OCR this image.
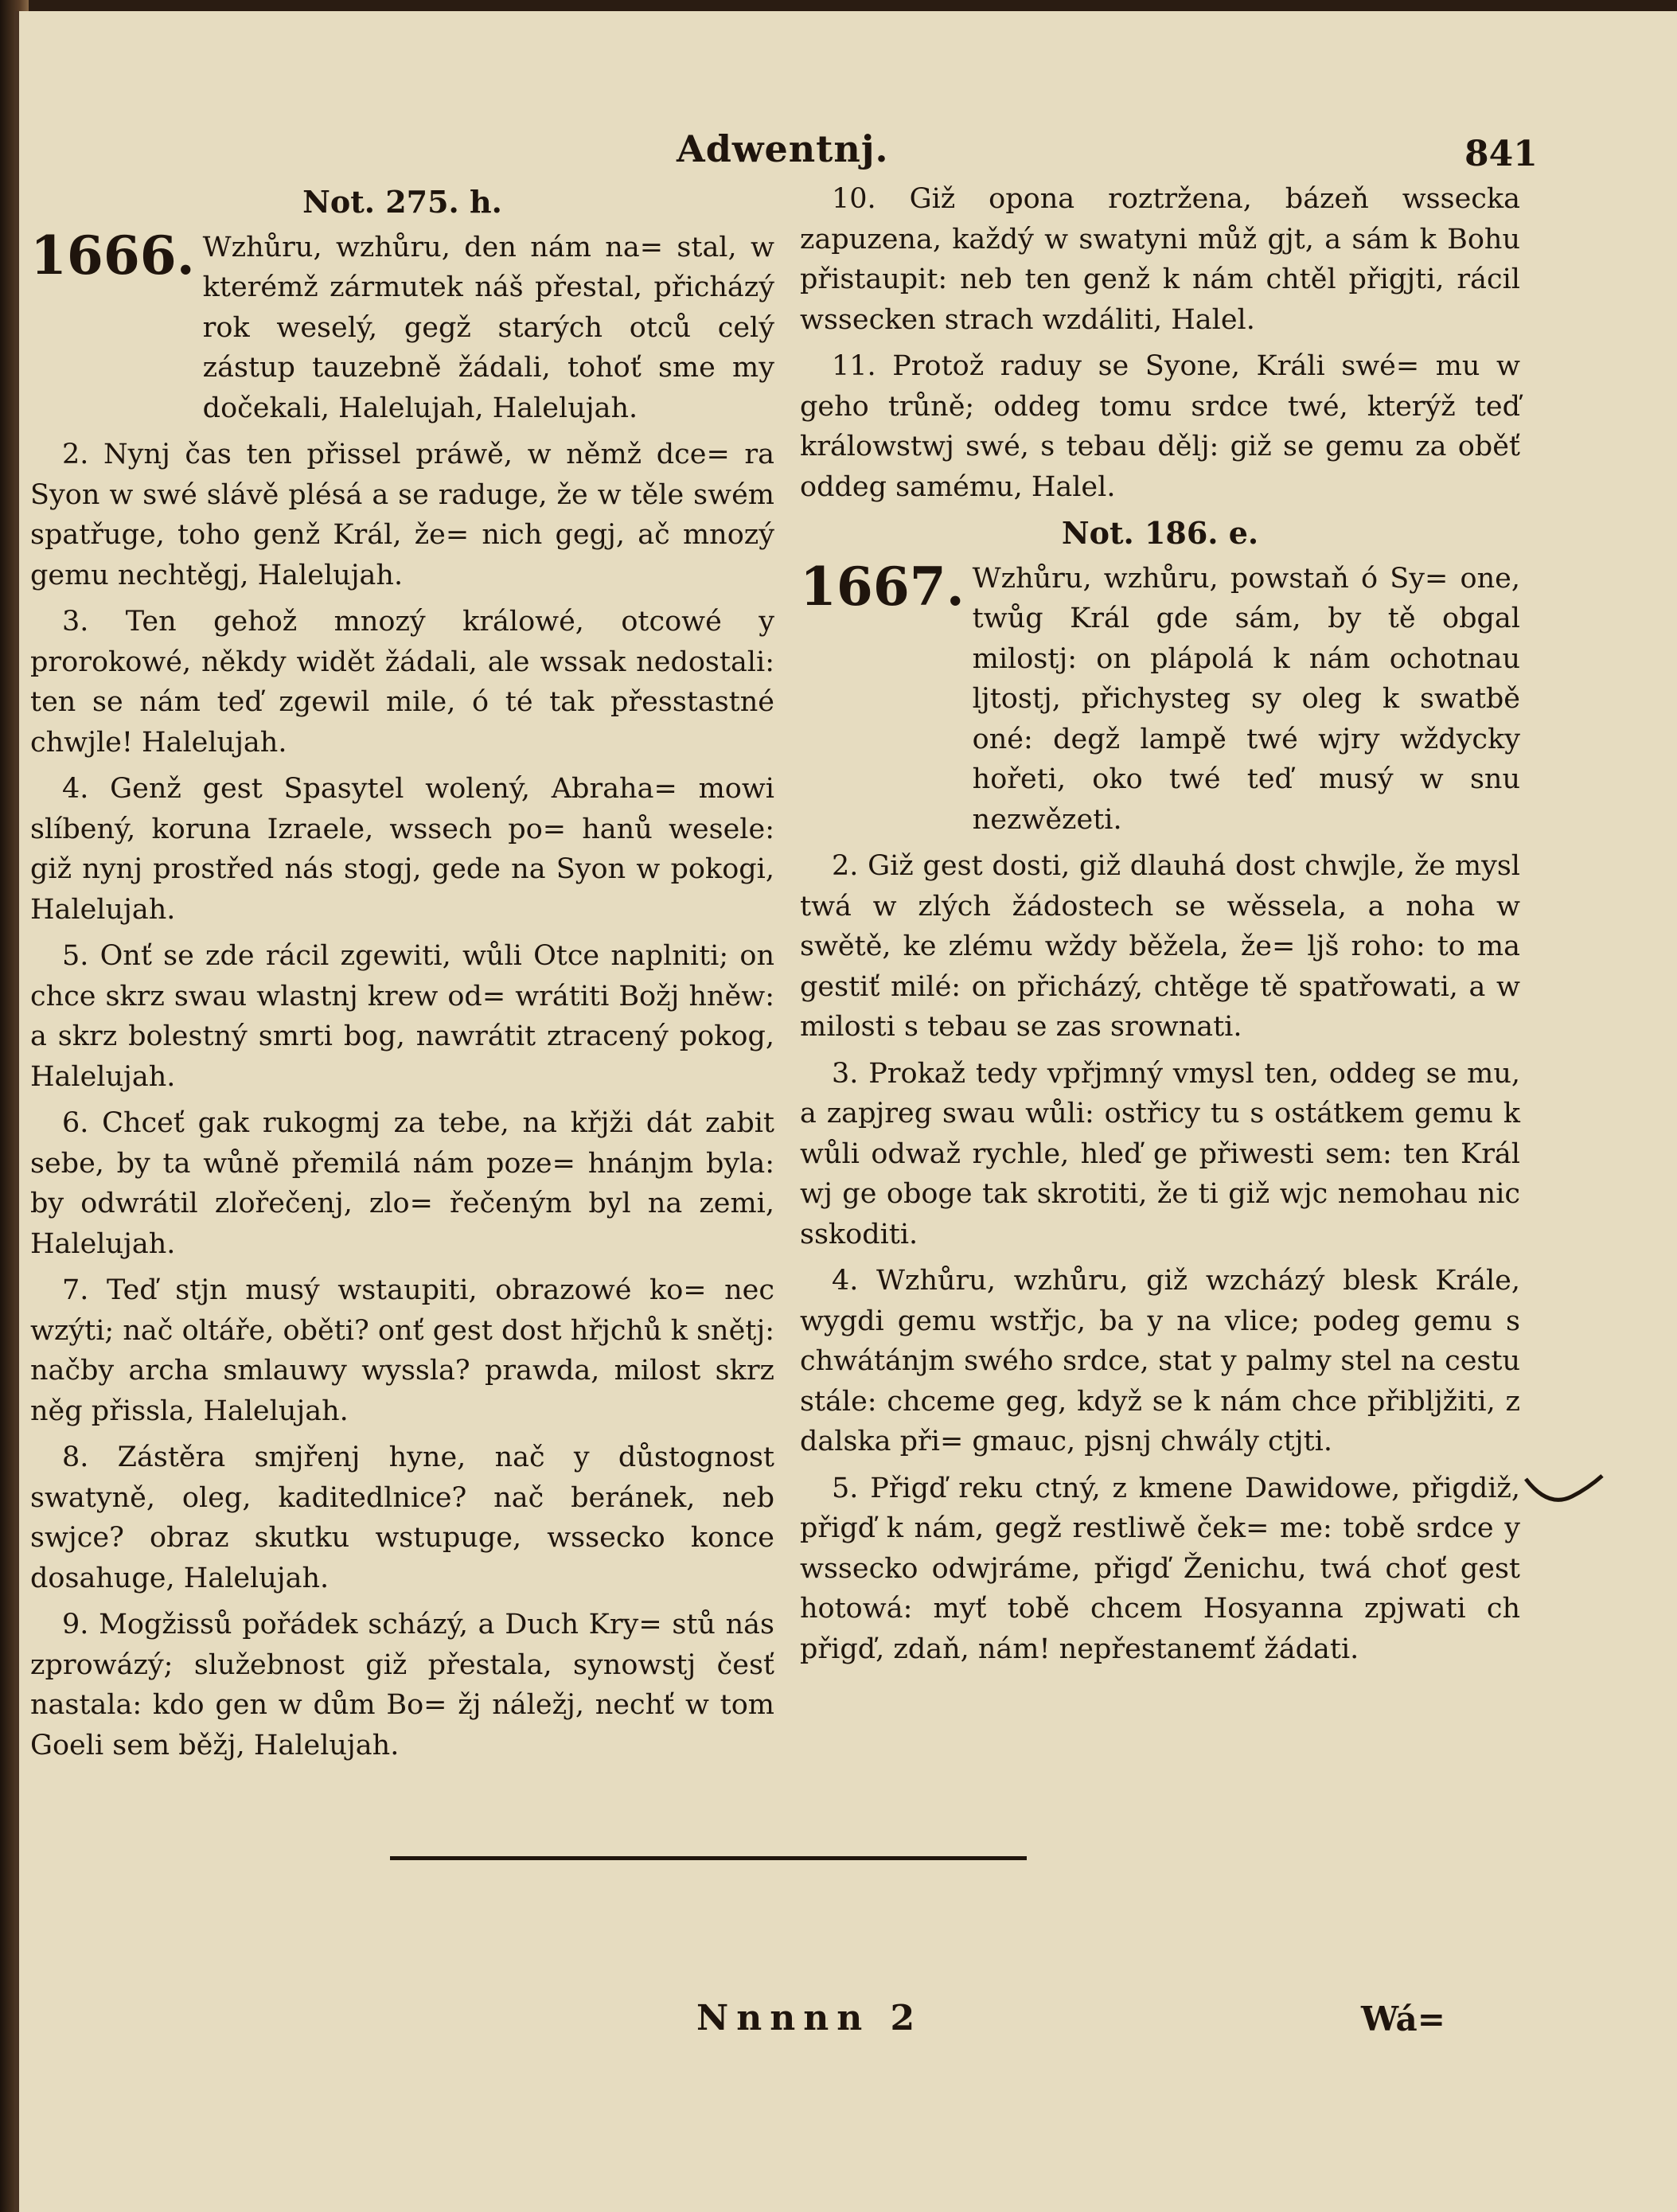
Adwentnj.	841
Not. 275. h.
1666. Wzhůru, wzhůru, den nám na= stal, w kterémž zármutek náš přestal, přicházý rok weselý, gegž starých otců celý zástup tauzebně žádali, tohoť sme my dočekali, Halelujah, Halelujah.

2. Nynj čas ten přissel práwě, w němž dce= ra Syon w swé slávě plésá a se raduge, že w těle swém spatřuge, toho genž Král, že= nich gegj, ač mnozý gemu nechtěgj, Halelujah.

3. Ten gehož mnozý králowé, otcowé y prorokowé, někdy widět žádali, ale wssak nedostali: ten se nám teď zgewil mile, ó té tak přesstastné chwjle! Halelujah.

4. Genž gest Spasytel wolený, Abraha= mowi slíbený, koruna Izraele, wssech po= hanů wesele: giž nynj prostřed nás stogj, gede na Syon w pokogi, Halelujah.

5. Onť se zde rácil zgewiti, wůli Otce naplniti; on chce skrz swau wlastnj krew od= wrátiti Božj hněw: a skrz bolestný smrti bog, nawrátit ztracený pokog, Halelujah.

6. Chceť gak rukogmj za tebe, na křjži dát zabit sebe, by ta wůně přemilá nám poze= hnánjm byla: by odwrátil zlořečenj, zlo= řečeným byl na zemi, Halelujah.

7. Teď stjn musý wstaupiti, obrazowé ko= nec wzýti; nač oltáře, oběti? onť gest dost hřjchů k snětj: načby archa smlauwy wyssla? prawda, milost skrz něg přissla, Halelujah.

8. Zástěra smjřenj hyne, nač y důstognost swatyně, oleg, kaditedlnice? nač beránek, neb swjce? obraz skutku wstupuge, wssecko konce dosahuge, Halelujah.

9. Mogžissů pořádek scházý, a Duch Kry= stů nás zprowázý; služebnost giž přestala, synowstj česť nastala: kdo gen w dům Bo= žj náležj, nechť w tom Goeli sem běžj, Halelujah.

10. Giž opona roztržena, bázeň wssecka zapuzena, každý w swatyni můž gjt, a sám k Bohu přistaupit: neb ten genž k nám chtěl přigjti, rácil wssecken strach wzdáliti, Halel.

11. Protož raduy se Syone, Králi swé= mu w geho trůně; oddeg tomu srdce twé, kterýž teď králowstwj swé, s tebau dělj: giž se gemu za oběť oddeg samému, Halel.

Not. 186. e.
1667. Wzhůru, wzhůru, powstaň ó Sy= one, twůg Král gde sám, by tě obgal milostj: on plápolá k nám ochotnau ljtostj, přichysteg sy oleg k swatbě oné: degž lampě twé wjry wždycky hořeti, oko twé teď musý w snu nezwězeti.

2. Giž gest dosti, giž dlauhá dost chwjle, že mysl twá w zlých žádostech se wěssela, a noha w swětě, ke zlému wždy běžela, že= ljš roho: to ma gestiť milé: on přicházý, chtěge tě spatřowati, a w milosti s tebau se zas srownati.

3. Prokaž tedy vpřjmný vmysl ten, oddeg se mu, a zapjreg swau wůli: ostřicy tu s ostátkem gemu k wůli odwaž rychle, hleď ge přiwesti sem: ten Král wj ge oboge tak skrotiti, že ti giž wjc nemohau nic sskoditi.

4. Wzhůru, wzhůru, giž wzcházý blesk Krále, wygdi gemu wstřjc, ba y na vlice; podeg gemu s chwátánjm swého srdce, stat y palmy stel na cestu stále: chceme geg, když se k nám chce přibljžiti, z dalska při= gmauc, pjsnj chwály ctjti.

5. Přigď reku ctný, z kmene Dawidowe, přigdiž, přigď k nám, gegž restliwě ček= me: tobě srdce y wssecko odwjráme, přigď Ženichu, twá choť gest hotowá: myť tobě chcem Hosyanna zpjwati ch přigď, zdaň, nám! nepřestanemť žádati.

Nnnnn 2	Wá=
